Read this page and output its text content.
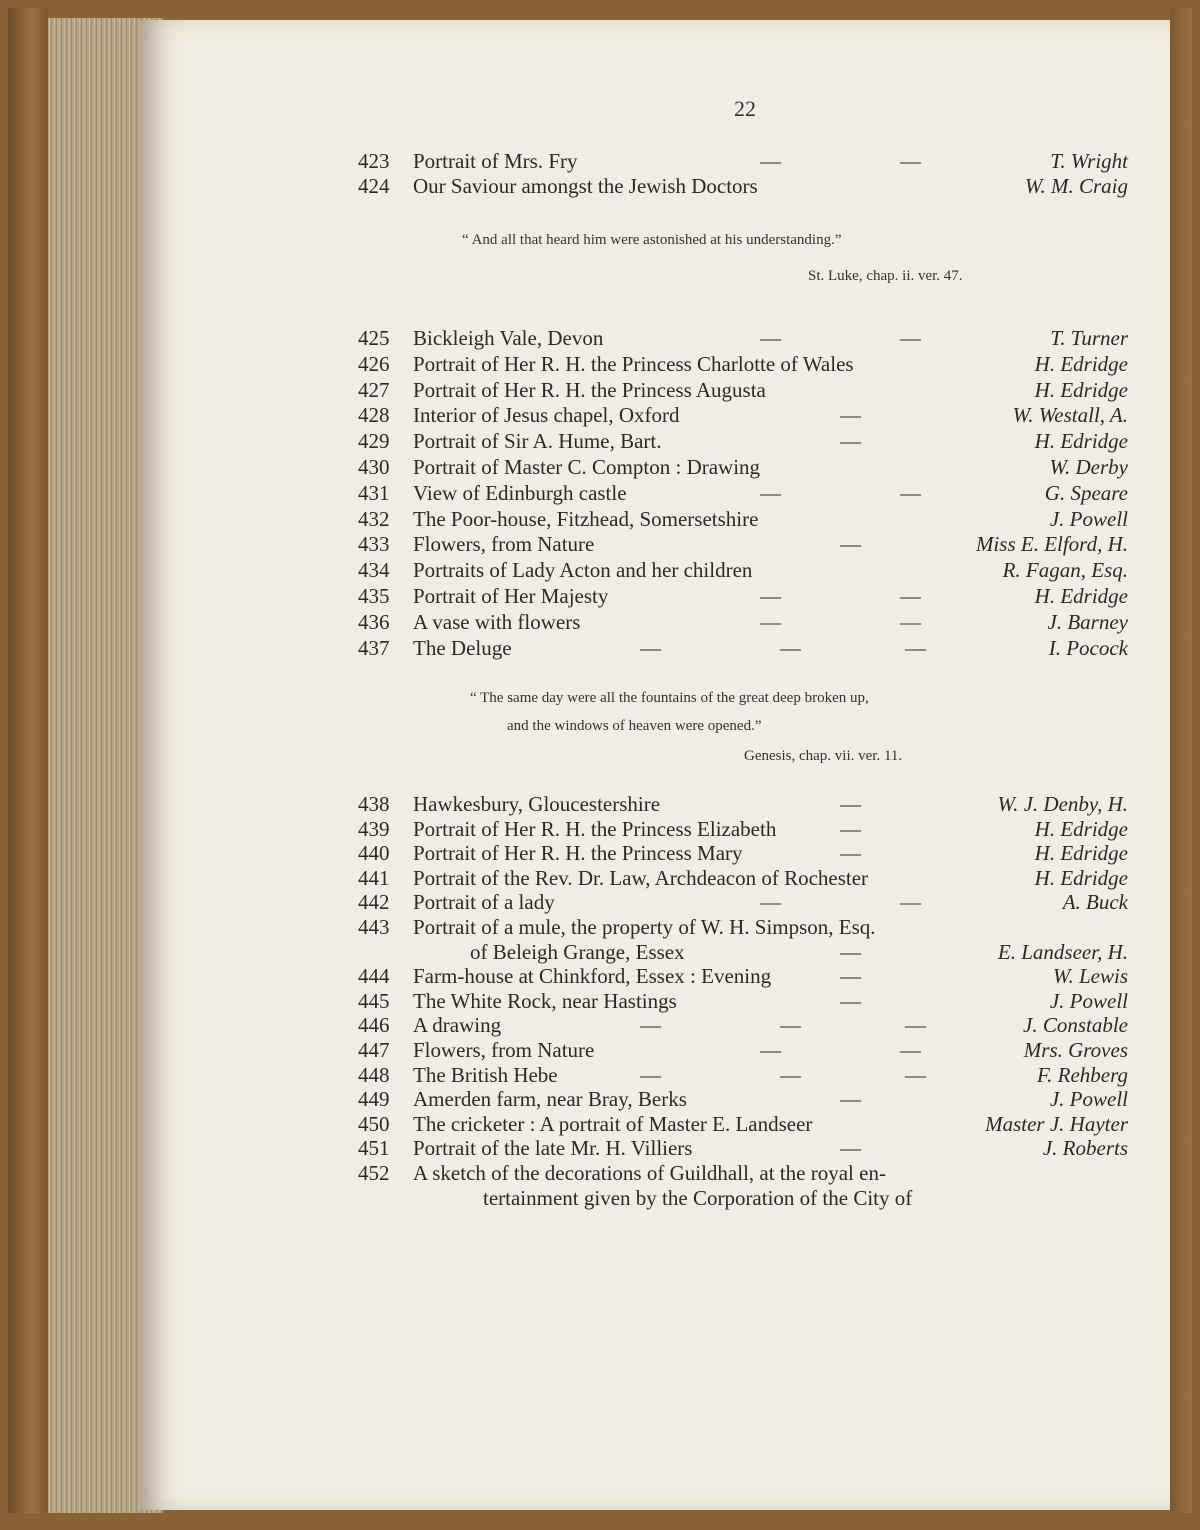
22
“ And all that heard him were astonished at his understanding.”
St. Luke, chap. ii. ver. 47.
“ The same day were all the fountains of the great deep broken up,
and the windows of heaven were opened.”
Genesis, chap. vii. ver. 11.
423	Portrait of Mrs. Fry	—	—	T. Wright
424	Our Saviour amongst the Jewish Doctors	W. M. Craig
425	Bickleigh Vale, Devon	—	—	T. Turner
426	Portrait of Her R. H. the Princess Charlotte of Wales	H. Edridge
427	Portrait of Her R. H. the Princess Augusta	H. Edridge
428	Interior of Jesus chapel, Oxford	—	W. Westall, A.
429	Portrait of Sir A. Hume, Bart.	—	H. Edridge
430	Portrait of Master C. Compton : Drawing	W. Derby
431	View of Edinburgh castle	—	—	G. Speare
432	The Poor-house, Fitzhead, Somersetshire	J. Powell
433	Flowers, from Nature	—	Miss E. Elford, H.
434	Portraits of Lady Acton and her children	R. Fagan, Esq.
435	Portrait of Her Majesty	—	—	H. Edridge
436	A vase with flowers	—	—	J. Barney
437	The Deluge	—	—	—	I. Pocock
438	Hawkesbury, Gloucestershire	—	W. J. Denby, H.
439	Portrait of Her R. H. the Princess Elizabeth	—	H. Edridge
440	Portrait of Her R. H. the Princess Mary	—	H. Edridge
441	Portrait of the Rev. Dr. Law, Archdeacon of Rochester	H. Edridge
442	Portrait of a lady	—	—	A. Buck
443	Portrait of a mule, the property of W. H. Simpson, Esq.
of Beleigh Grange, Essex	—	E. Landseer, H.
444	Farm-house at Chinkford, Essex : Evening	—	W. Lewis
445	The White Rock, near Hastings	—	J. Powell
446	A drawing	—	—	—	J. Constable
447	Flowers, from Nature	—	—	Mrs. Groves
448	The British Hebe	—	—	—	F. Rehberg
449	Amerden farm, near Bray, Berks	—	J. Powell
450	The cricketer : A portrait of Master E. Landseer	Master J. Hayter
451	Portrait of the late Mr. H. Villiers	—	J. Roberts
452	A sketch of the decorations of Guildhall, at the royal en-
tertainment given by the Corporation of the City of
